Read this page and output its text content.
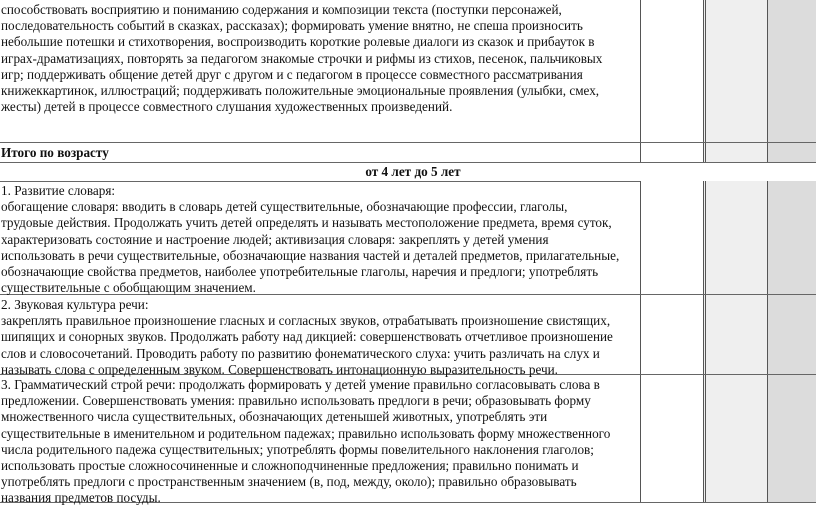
способствовать восприятию и пониманию содержания и композиции текста (поступки персонажей,
последовательность событий в сказках, рассказах); формировать умение внятно, не спеша произносить
небольшие потешки и стихотворения, воспроизводить короткие ролевые диалоги из сказок и прибауток в
играх-драматизациях, повторять за педагогом знакомые строчки и рифмы из стихов, песенок, пальчиковых
игр; поддерживать общение детей друг с другом и с педагогом в процессе совместного рассматривания
книжеккартинок, иллюстраций; поддерживать положительные эмоциональные проявления (улыбки, смех,
жесты) детей в процессе совместного слушания художественных произведений.
Итого по возрасту
от 4 лет до 5 лет
1. Развитие словаря:
обогащение словаря: вводить в словарь детей существительные, обозначающие профессии, глаголы,
трудовые действия. Продолжать учить детей определять и называть местоположение предмета, время суток,
характеризовать состояние и настроение людей; активизация словаря: закреплять у детей умения
использовать в речи существительные, обозначающие названия частей и деталей предметов, прилагательные,
обозначающие свойства предметов, наиболее употребительные глаголы, наречия и предлоги; употреблять
существительные с обобщающим значением.
2. Звуковая культура речи:
закреплять правильное произношение гласных и согласных звуков, отрабатывать произношение свистящих,
шипящих и сонорных звуков. Продолжать работу над дикцией: совершенствовать отчетливое произношение
слов и словосочетаний. Проводить работу по развитию фонематического слуха: учить различать на слух и
называть слова с определенным звуком. Совершенствовать интонационную выразительность речи.
3. Грамматический строй речи: продолжать формировать у детей умение правильно согласовывать слова в
предложении. Совершенствовать умения: правильно использовать предлоги в речи; образовывать форму
множественного числа существительных, обозначающих детенышей животных, употреблять эти
существительные в именительном и родительном падежах; правильно использовать форму множественного
числа родительного падежа существительных; употреблять формы повелительного наклонения глаголов;
использовать простые сложносочиненные и сложноподчиненные предложения; правильно понимать и
употреблять предлоги с пространственным значением (в, под, между, около); правильно образовывать
названия предметов посуды.
